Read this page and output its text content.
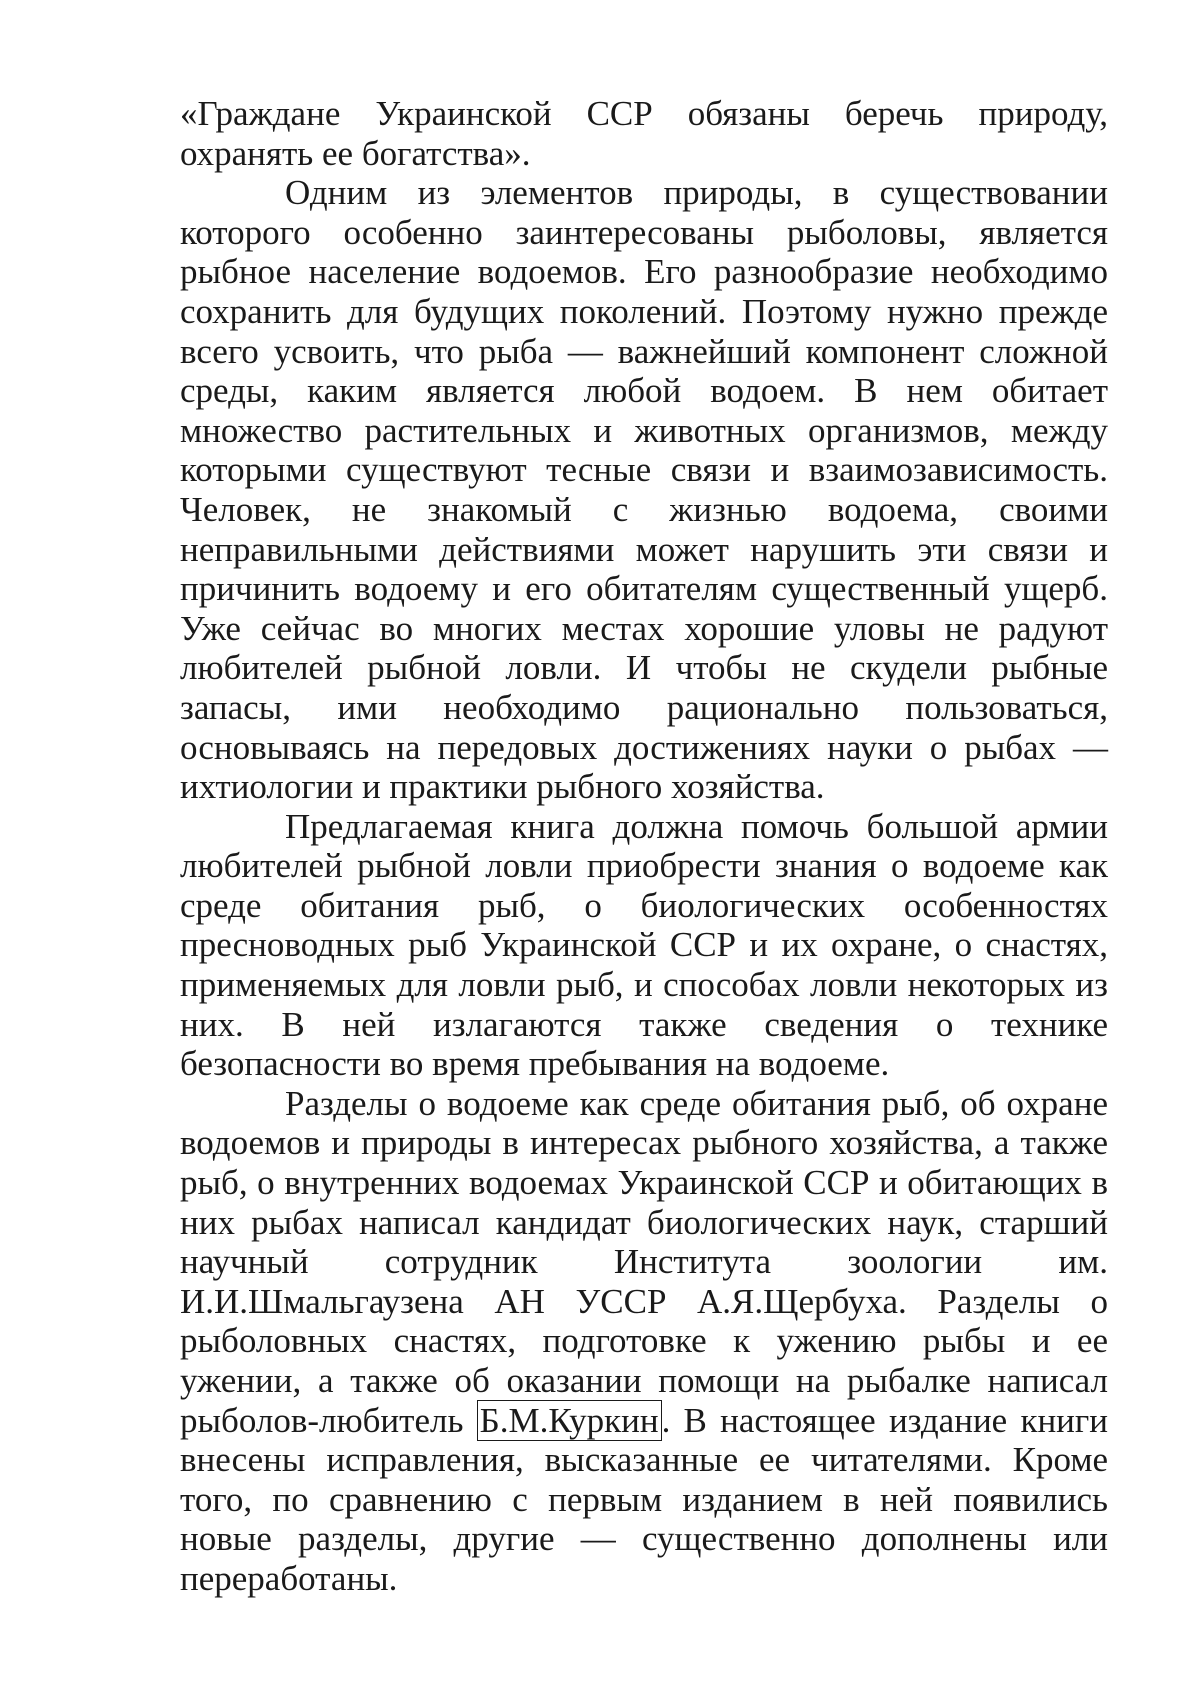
«Граждане Украинской ССР обязаны беречь природу, охранять ее богатства».

Одним из элементов природы, в существовании которого особенно заинтересованы рыболовы, является рыбное население водоемов. Его разнообразие необходимо сохранить для будущих поколений. Поэтому нужно прежде всего усвоить, что рыба — важнейший компонент сложной среды, каким является любой водоем. В нем обитает множество растительных и животных организмов, между которыми существуют тесные связи и взаимозависимость. Человек, не знакомый с жизнью водоема, своими неправильными действиями может нарушить эти связи и причинить водоему и его обитателям существенный ущерб. Уже сейчас во многих местах хорошие уловы не радуют любителей рыбной ловли. И чтобы не скудели рыбные запасы, ими необходимо рационально пользоваться, основываясь на передовых достижениях науки о рыбах — ихтиологии и практики рыбного хозяйства.

Предлагаемая книга должна помочь большой армии любителей рыбной ловли приобрести знания о водоеме как среде обитания рыб, о биологических особенностях пресноводных рыб Украинской ССР и их охране, о снастях, применяемых для ловли рыб, и способах ловли некоторых из них. В ней излагаются также сведения о технике безопасности во время пребывания на водоеме.

Разделы о водоеме как среде обитания рыб, об охране водоемов и природы в интересах рыбного хозяйства, а также рыб, о внутренних водоемах Украинской ССР и обитающих в них рыбах написал кандидат биологических наук, старший научный сотрудник Института зоологии им. И.И.Шмальгаузена АН УССР А.Я.Щербуха. Разделы о рыболовных снастях, подготовке к ужению рыбы и ее ужении, а также об оказании помощи на рыбалке написал рыболов-любитель Б.М.Куркин. В настоящее издание книги внесены исправления, высказанные ее читателями. Кроме того, по сравнению с первым изданием в ней появились новые разделы, другие — существенно дополнены или переработаны.
